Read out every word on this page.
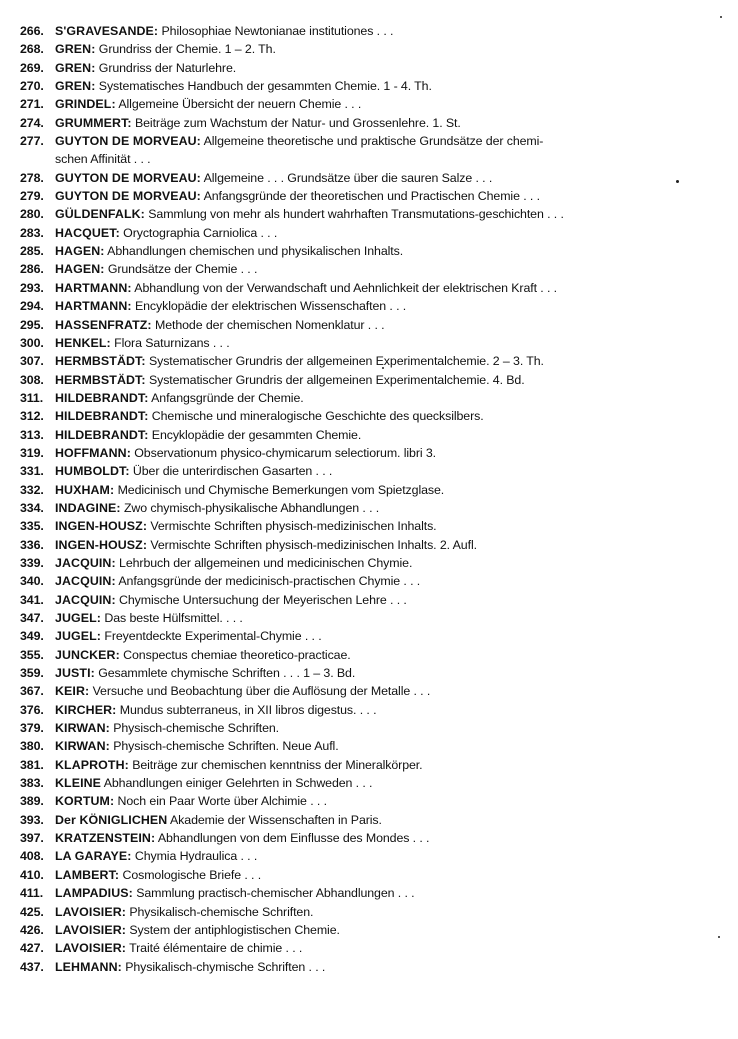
266. S'GRAVESANDE: Philosophiae Newtonianae institutiones . . .
268. GREN: Grundriss der Chemie. 1 – 2. Th.
269. GREN: Grundriss der Naturlehre.
270. GREN: Systematisches Handbuch der gesammten Chemie. 1 - 4. Th.
271. GRINDEL: Allgemeine Übersicht der neuern Chemie . . .
274. GRUMMERT: Beiträge zum Wachstum der Natur- und Grossenlehre. 1. St.
277. GUYTON DE MORVEAU: Allgemeine theoretische und praktische Grundsätze der chemi-
schen Affinität . . .
278. GUYTON DE MORVEAU: Allgemeine . . . Grundsätze über die sauren Salze . . .
279. GUYTON DE MORVEAU: Anfangsgründe der theoretischen und Practischen Chemie . . .
280. GÜLDENFALK: Sammlung von mehr als hundert wahrhaften Transmutations-geschichten . . .
283. HACQUET: Oryctographia Carniolica . . .
285. HAGEN: Abhandlungen chemischen und physikalischen Inhalts.
286. HAGEN: Grundsätze der Chemie . . .
293. HARTMANN: Abhandlung von der Verwandschaft und Aehnlichkeit der elektrischen Kraft . . .
294. HARTMANN: Encyklopädie der elektrischen Wissenschaften . . .
295. HASSENFRATZ: Methode der chemischen Nomenklatur . . .
300. HENKEL: Flora Saturnizans . . .
307. HERMBSTÄDT: Systematischer Grundris der allgemeinen Experimentalchemie. 2 – 3. Th.
308. HERMBSTÄDT: Systematischer Grundris der allgemeinen Experimentalchemie. 4. Bd.
311. HILDEBRANDT: Anfangsgründe der Chemie.
312. HILDEBRANDT: Chemische und mineralogische Geschichte des quecksilbers.
313. HILDEBRANDT: Encyklopädie der gesammten Chemie.
319. HOFFMANN: Observationum physico-chymicarum selectiorum. libri 3.
331. HUMBOLDT: Über die unterirdischen Gasarten . . .
332. HUXHAM: Medicinisch und Chymische Bemerkungen vom Spietzglase.
334. INDAGINE: Zwo chymisch-physikalische Abhandlungen . . .
335. INGEN-HOUSZ: Vermischte Schriften physisch-medizinischen Inhalts.
336. INGEN-HOUSZ: Vermischte Schriften physisch-medizinischen Inhalts. 2. Aufl.
339. JACQUIN: Lehrbuch der allgemeinen und medicinischen Chymie.
340. JACQUIN: Anfangsgründe der medicinisch-practischen Chymie . . .
341. JACQUIN: Chymische Untersuchung der Meyerischen Lehre . . .
347. JUGEL: Das beste Hülfsmittel. . . .
349. JUGEL: Freyentdeckte Experimental-Chymie . . .
355. JUNCKER: Conspectus chemiae theoretico-practicae.
359. JUSTI: Gesammlete chymische Schriften . . . 1 – 3. Bd.
367. KEIR: Versuche und Beobachtung über die Auflösung der Metalle . . .
376. KIRCHER: Mundus subterraneus, in XII libros digestus. . . .
379. KIRWAN: Physisch-chemische Schriften.
380. KIRWAN: Physisch-chemische Schriften. Neue Aufl.
381. KLAPROTH: Beiträge zur chemischen kenntniss der Mineralkörper.
383. KLEINE Abhandlungen einiger Gelehrten in Schweden . . .
389. KORTUM: Noch ein Paar Worte über Alchimie . . .
393. Der KÖNIGLICHEN Akademie der Wissenschaften in Paris.
397. KRATZENSTEIN: Abhandlungen von dem Einflusse des Mondes . . .
408. LA GARAYE: Chymia Hydraulica . . .
410. LAMBERT: Cosmologische Briefe . . .
411. LAMPADIUS: Sammlung practisch-chemischer Abhandlungen . . .
425. LAVOISIER: Physikalisch-chemische Schriften.
426. LAVOISIER: System der antiphlogistischen Chemie.
427. LAVOISIER: Traité élémentaire de chimie . . .
437. LEHMANN: Physikalisch-chymische Schriften . . .
